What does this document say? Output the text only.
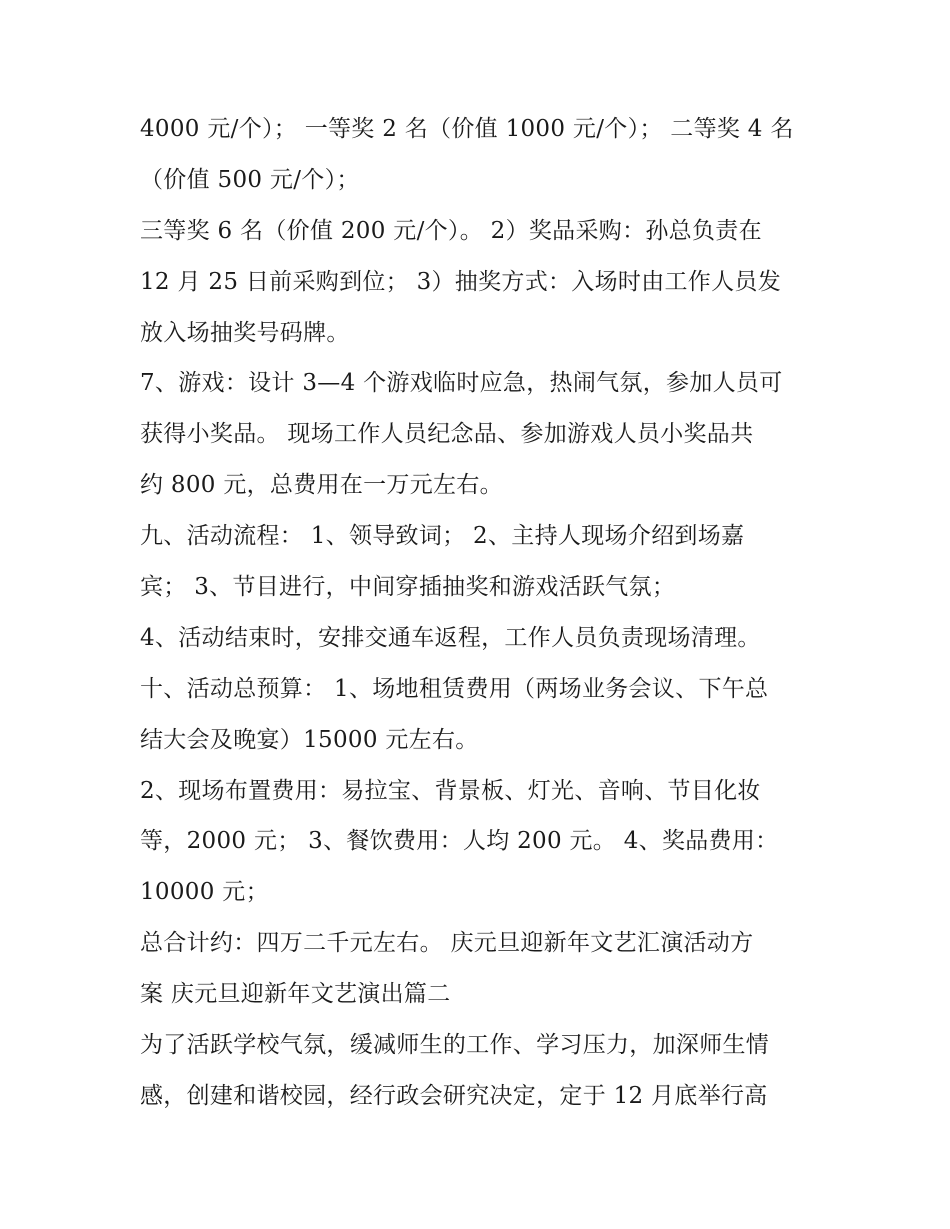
4000 元/个）； 一等奖 2 名（价值 1000 元/个）； 二等奖 4 名
（价值 500 元/个）；
三等奖 6 名（价值 200 元/个）。 2）奖品采购：孙总负责在
12 月 25 日前采购到位； 3）抽奖方式：入场时由工作人员发
放入场抽奖号码牌。
7、游戏：设计 3—4 个游戏临时应急，热闹气氛，参加人员可
获得小奖品。 现场工作人员纪念品、参加游戏人员小奖品共
约 800 元，总费用在一万元左右。
九、活动流程： 1、领导致词； 2、主持人现场介绍到场嘉
宾； 3、节目进行，中间穿插抽奖和游戏活跃气氛；
4、活动结束时，安排交通车返程，工作人员负责现场清理。
十、活动总预算： 1、场地租赁费用（两场业务会议、下午总
结大会及晚宴）15000 元左右。
2、现场布置费用：易拉宝、背景板、灯光、音响、节目化妆
等，2000 元； 3、餐饮费用：人均 200 元。 4、奖品费用：
10000 元；
总合计约：四万二千元左右。 庆元旦迎新年文艺汇演活动方
案 庆元旦迎新年文艺演出篇二
为了活跃学校气氛，缓减师生的工作、学习压力，加深师生情
感，创建和谐校园，经行政会研究决定，定于 12 月底举行高
